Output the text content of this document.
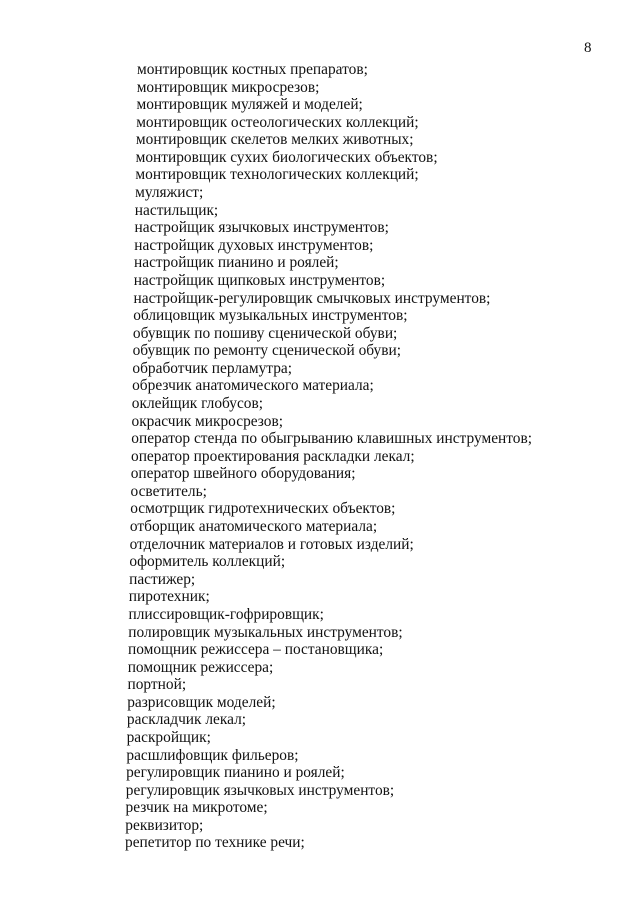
8
монтировщик костных препаратов;
монтировщик микросрезов;
монтировщик муляжей и моделей;
монтировщик остеологических коллекций;
монтировщик скелетов мелких животных;
монтировщик сухих биологических объектов;
монтировщик технологических коллекций;
муляжист;
настильщик;
настройщик язычковых инструментов;
настройщик духовых инструментов;
настройщик пианино и роялей;
настройщик щипковых инструментов;
настройщик-регулировщик смычковых инструментов;
облицовщик музыкальных инструментов;
обувщик по пошиву сценической обуви;
обувщик по ремонту сценической обуви;
обработчик перламутра;
обрезчик анатомического материала;
оклейщик глобусов;
окрасчик микросрезов;
оператор стенда по обыгрыванию клавишных инструментов;
оператор проектирования раскладки лекал;
оператор швейного оборудования;
осветитель;
осмотрщик гидротехнических объектов;
отборщик анатомического материала;
отделочник материалов и готовых изделий;
оформитель коллекций;
пастижер;
пиротехник;
плиссировщик-гофрировщик;
полировщик музыкальных инструментов;
помощник режиссера – постановщика;
помощник режиссера;
портной;
разрисовщик моделей;
раскладчик лекал;
раскройщик;
расшлифовщик фильеров;
регулировщик пианино и роялей;
регулировщик язычковых инструментов;
резчик на микротоме;
реквизитор;
репетитор по технике речи;
